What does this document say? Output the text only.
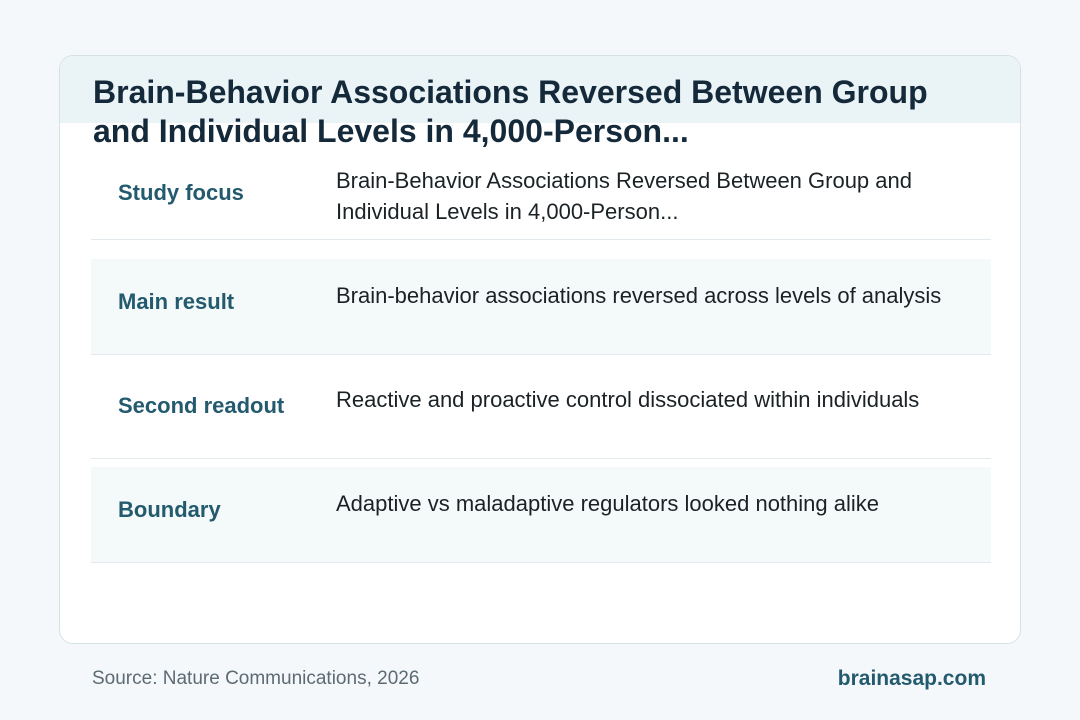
Brain-Behavior Associations Reversed Between Group and Individual Levels in 4,000-Person...
Study focus	Brain-Behavior Associations Reversed Between Group and Individual Levels in 4,000-Person...
Main result	Brain-behavior associations reversed across levels of analysis
Second readout	Reactive and proactive control dissociated within individuals
Boundary	Adaptive vs maladaptive regulators looked nothing alike
Source: Nature Communications, 2026	brainasap.com
